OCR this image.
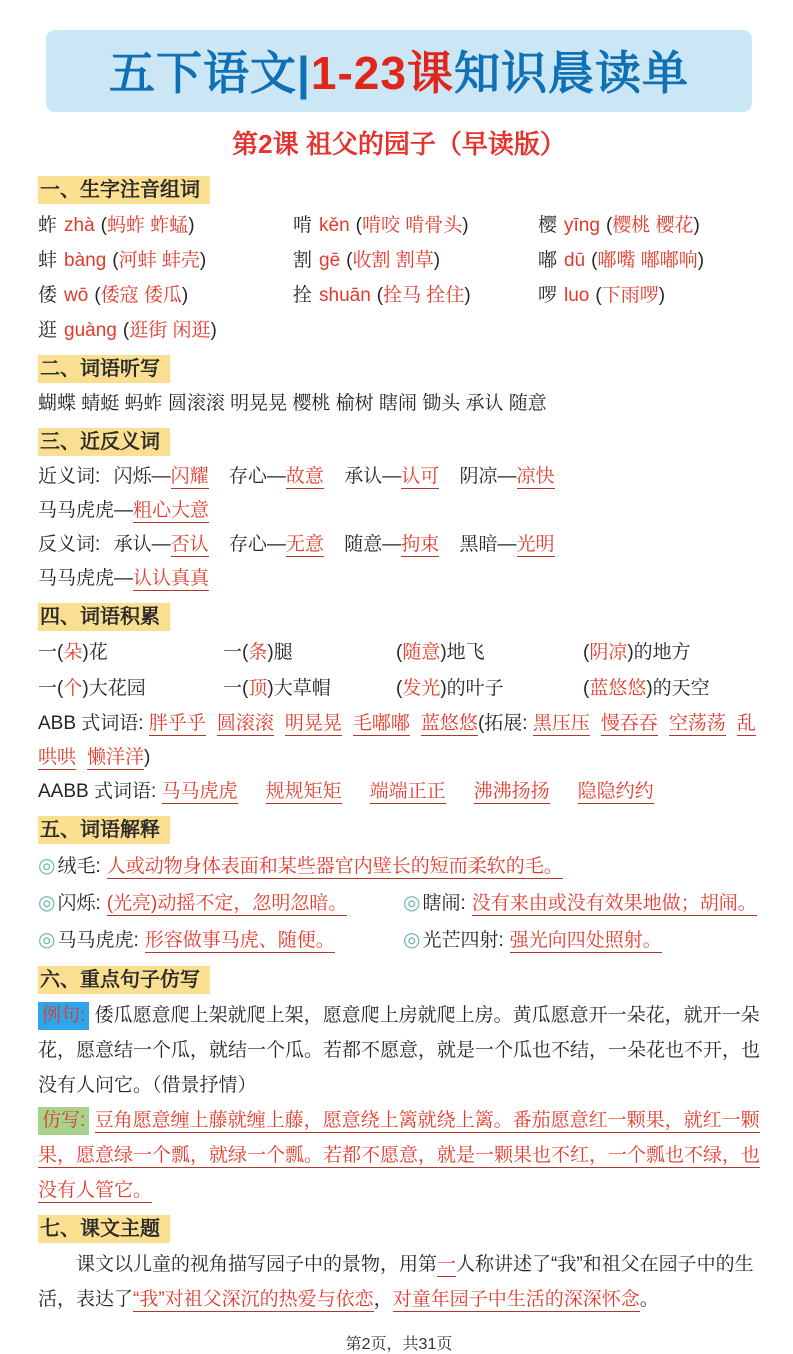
五下语文|1-23课知识晨读单
第2课 祖父的园子（早读版）
一、生字注音组词
蚱 zhà (蚂蚱 蚱蜢)	啃 kěn (啃咬 啃骨头)	樱 yīng (樱桃 樱花)
蚌 bàng (河蚌 蚌壳)	割 gē (收割 割草)	嘟 dū (嘟嘴 嘟嘟响)
倭 wō (倭寇 倭瓜)	拴 shuān (拴马 拴住)	啰 luo (下雨啰)
逛 guàng (逛街 闲逛)
二、词语听写
蝴蝶 蜻蜓 蚂蚱 圆滚滚 明晃晃 樱桃 榆树 瞎闹 锄头 承认 随意
三、近反义词
近义词: 闪烁—闪耀 存心—故意 承认—认可 阴凉—凉快 马马虎虎—粗心大意
反义词: 承认—否认 存心—无意 随意—拘束 黑暗—光明 马马虎虎—认认真真
四、词语积累
一(朵)花	一(条)腿	(随意)地飞	(阴凉)的地方
一(个)大花园	一(顶)大草帽	(发光)的叶子	(蓝悠悠)的天空
ABB 式词语: 胖乎乎 圆滚滚 明晃晃 毛嘟嘟 蓝悠悠(拓展: 黑压压 慢吞吞 空荡荡 乱哄哄 懒洋洋)
AABB 式词语: 马马虎虎 规规矩矩 端端正正 沸沸扬扬 隐隐约约
五、词语解释
◎ 绒毛: 人或动物身体表面和某些器官内壁长的短而柔软的毛。
◎ 闪烁: (光亮)动摇不定，忽明忽暗。	◎ 瞎闹: 没有来由或没有效果地做；胡闹。
◎ 马马虎虎: 形容做事马虎、随便。	◎ 光芒四射: 强光向四处照射。
六、重点句子仿写

例句: 倭瓜愿意爬上架就爬上架，愿意爬上房就爬上房。黄瓜愿意开一朵花，就开一朵花，愿意结一个瓜，就结一个瓜。若都不愿意，就是一个瓜也不结，一朵花也不开，也没有人问它。（借景抒情）

仿写: 豆角愿意缠上藤就缠上藤，愿意绕上篱就绕上篱。番茄愿意红一颗果，就红一颗果，愿意绿一个瓢，就绿一个瓢。若都不愿意，就是一颗果也不红，一个瓢也不绿，也没有人管它。

七、课文主题

课文以儿童的视角描写园子中的景物，用第一人称讲述了“我”和祖父在园子中的生活，表达了“我”对祖父深沉的热爱与依恋，对童年园子中生活的深深怀念。

第2页，共31页
